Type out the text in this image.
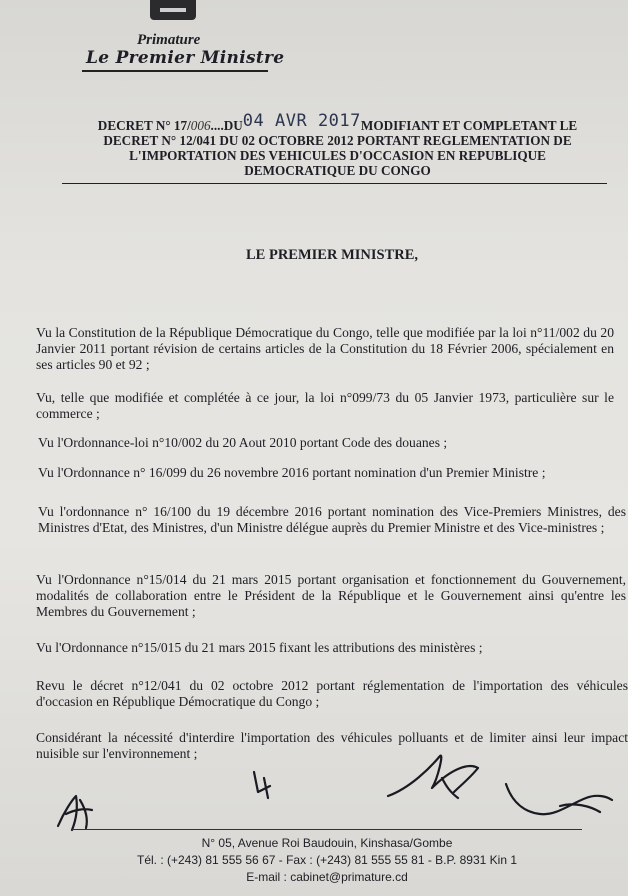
Primature
Le Premier Ministre
DECRET N° 17/006....DU04 AVR 2017MODIFIANT ET COMPLETANT LE
DECRET N° 12/041 DU 02 OCTOBRE 2012 PORTANT REGLEMENTATION DE
L'IMPORTATION DES VEHICULES D'OCCASION EN REPUBLIQUE
DEMOCRATIQUE DU CONGO
LE PREMIER MINISTRE,
Vu la Constitution de la République Démocratique du Congo, telle que modifiée par la loi n°11/002 du 20 Janvier 2011 portant révision de certains articles de la Constitution du 18 Février 2006, spécialement en ses articles 90 et 92 ;
Vu, telle que modifiée et complétée à ce jour, la loi n°099/73 du 05 Janvier 1973, particulière sur le commerce ;
Vu l'Ordonnance-loi n°10/002 du 20 Aout 2010 portant Code des douanes ;
Vu l'Ordonnance n° 16/099 du 26 novembre 2016 portant nomination d'un Premier Ministre ;
Vu l'ordonnance n° 16/100 du 19 décembre 2016 portant nomination des Vice-Premiers Ministres, des Ministres d'Etat, des Ministres, d'un Ministre délégue auprès du Premier Ministre et des Vice-ministres ;
Vu l'Ordonnance n°15/014 du 21 mars 2015 portant organisation et fonctionnement du Gouvernement, modalités de collaboration entre le Président de la République et le Gouvernement ainsi qu'entre les Membres du Gouvernement ;
Vu l'Ordonnance n°15/015 du 21 mars 2015 fixant les attributions des ministères ;
Revu le décret n°12/041 du 02 octobre 2012 portant réglementation de l'importation des véhicules d'occasion en République Démocratique du Congo ;
Considérant la nécessité d'interdire l'importation des véhicules polluants et de limiter ainsi leur impact nuisible sur l'environnement ;
N° 05, Avenue Roi Baudouin, Kinshasa/Gombe
Tél. : (+243) 81 555 56 67 - Fax : (+243) 81 555 55 81 - B.P. 8931 Kin 1
E-mail : cabinet@primature.cd
